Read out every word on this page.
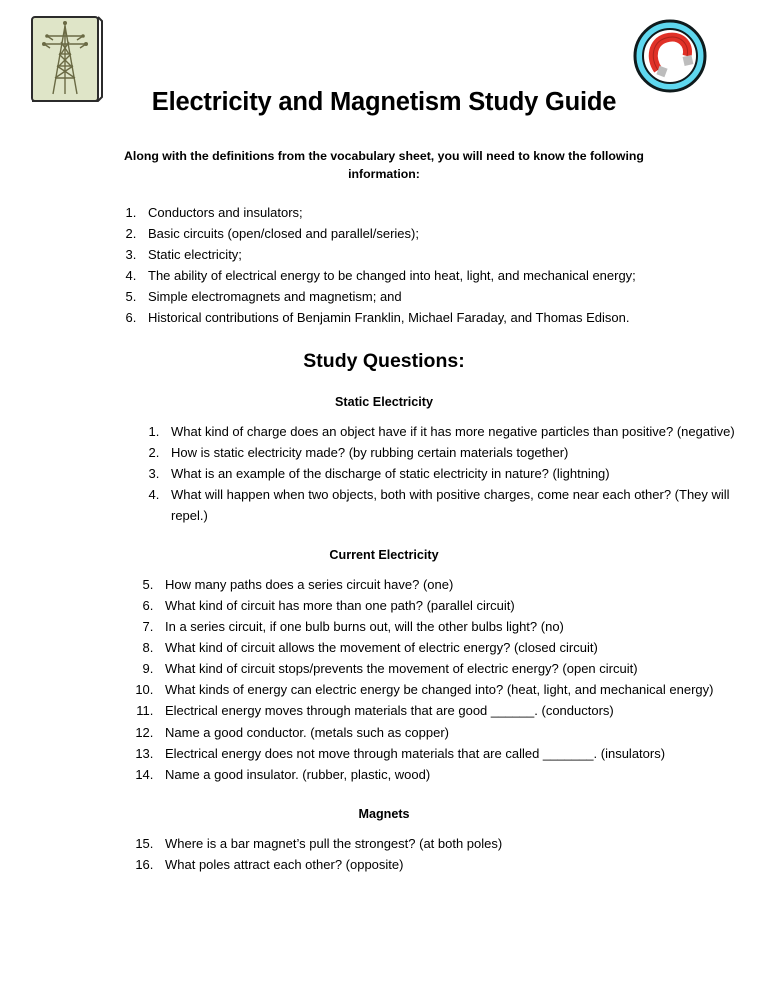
Electricity and Magnetism Study Guide
Along with the definitions from the vocabulary sheet, you will need to know the following information:
1. Conductors and insulators;
2. Basic circuits (open/closed and parallel/series);
3. Static electricity;
4. The ability of electrical energy to be changed into heat, light, and mechanical energy;
5. Simple electromagnets and magnetism; and
6. Historical contributions of Benjamin Franklin, Michael Faraday, and Thomas Edison.
Study Questions:
Static Electricity
1. What kind of charge does an object have if it has more negative particles than positive? (negative)
2. How is static electricity made? (by rubbing certain materials together)
3. What is an example of the discharge of static electricity in nature? (lightning)
4. What will happen when two objects, both with positive charges, come near each other? (They will repel.)
Current Electricity
5. How many paths does a series circuit have? (one)
6. What kind of circuit has more than one path? (parallel circuit)
7. In a series circuit, if one bulb burns out, will the other bulbs light? (no)
8. What kind of circuit allows the movement of electric energy? (closed circuit)
9. What kind of circuit stops/prevents the movement of electric energy? (open circuit)
10. What kinds of energy can electric energy be changed into? (heat, light, and mechanical energy)
11. Electrical energy moves through materials that are good ______. (conductors)
12. Name a good conductor. (metals such as copper)
13. Electrical energy does not move through materials that are called _______. (insulators)
14. Name a good insulator. (rubber, plastic, wood)
Magnets
15. Where is a bar magnet’s pull the strongest? (at both poles)
16. What poles attract each other? (opposite)
